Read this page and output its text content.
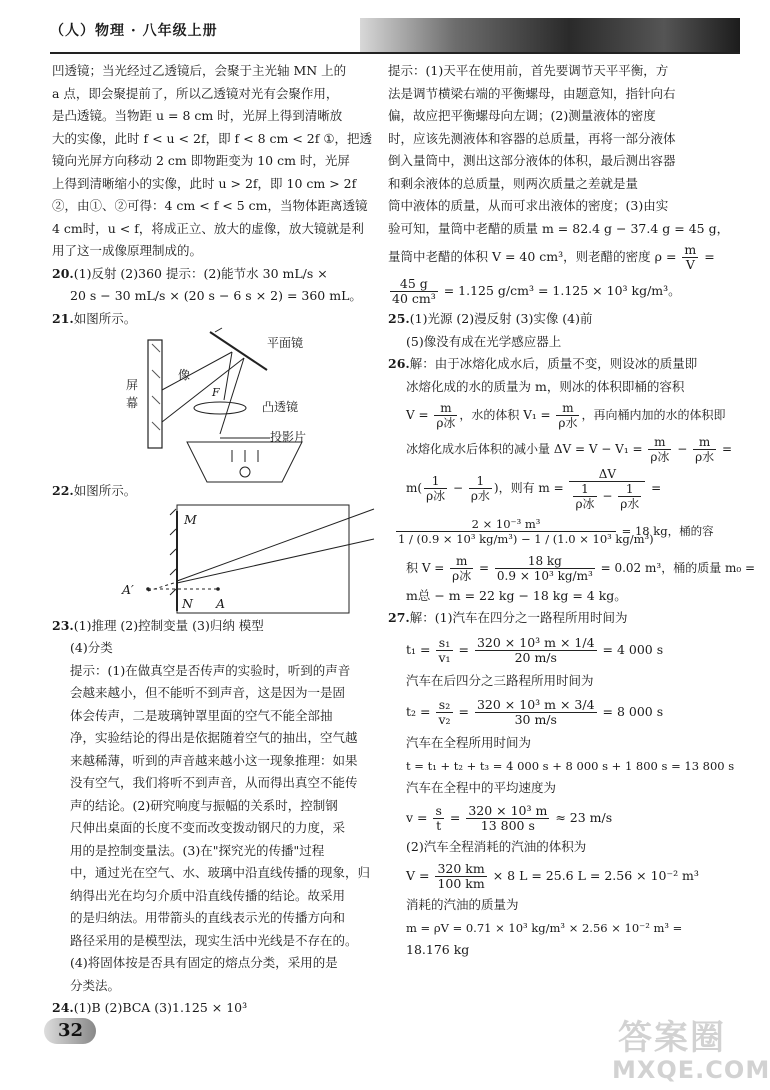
（人）物理 · 八年级上册

凹透镜；当光经过乙透镜后，会聚于主光轴 MN 上的

a 点，即会聚提前了，所以乙透镜对光有会聚作用，

是凸透镜。当物距 u = 8 cm 时，光屏上得到清晰放

大的实像，此时 f < u < 2f，即 f < 8 cm < 2f ①，把透

镜向光屏方向移动 2 cm 即物距变为 10 cm 时，光屏

上得到清晰缩小的实像，此时 u > 2f，即 10 cm > 2f

②，由①、②可得：4 cm < f < 5 cm，当物体距离透镜

4 cm时，u < f，将成正立、放大的虚像，放大镜就是利

用了这一成像原理制成的。

20.(1)反射 (2)360 提示：(2)能节水 30 mL/s ×

20 s − 30 mL/s × (20 s − 6 s × 2) = 360 mL。

21.如图所示。

平面镜
屏
幕
像
F
凸透镜
投影片

22.如图所示。

M
N A
A′

23.(1)推理 (2)控制变量 (3)归纳 模型

(4)分类

提示：(1)在做真空是否传声的实验时，听到的声音

会越来越小，但不能听不到声音，这是因为一是固

体会传声，二是玻璃钟罩里面的空气不能全部抽

净，实验结论的得出是依据随着空气的抽出，空气越

来越稀薄，听到的声音越来越小这一现象推理：如果

没有空气，我们将听不到声音，从而得出真空不能传

声的结论。(2)研究响度与振幅的关系时，控制钢

尺伸出桌面的长度不变而改变拨动钢尺的力度，采

用的是控制变量法。(3)在"探究光的传播"过程

中，通过光在空气、水、玻璃中沿直线传播的现象，归

纳得出光在均匀介质中沿直线传播的结论。故采用

的是归纳法。用带箭头的直线表示光的传播方向和

路径采用的是模型法，现实生活中光线是不存在的。

(4)将固体按是否具有固定的熔点分类，采用的是

分类法。

24.(1)B (2)BCA (3)1.125 × 10³

提示：(1)天平在使用前，首先要调节天平平衡，方

法是调节横梁右端的平衡螺母，由题意知，指针向右

偏，故应把平衡螺母向左调；(2)测量液体的密度

时，应该先测液体和容器的总质量，再将一部分液体

倒入量筒中，测出这部分液体的体积，最后测出容器

和剩余液体的总质量，则两次质量之差就是量

筒中液体的质量，从而可求出液体的密度；(3)由实

验可知，量筒中老醋的质量 m = 82.4 g − 37.4 g = 45 g，

量筒中老醋的体积 V = 40 cm³，则老醋的密度 $\rho = \frac{m}{V}$ =

$\frac{45 g}{\text{40 cm³}} = 1.125$ g/cm³ = 1.125 × 10³ kg/m³。

25.(1)光源 (2)漫反射 (3)实像 (4)前

(5)像没有成在光学感应器上

26.解：由于冰熔化成水后，质量不变，则设冰的质量即

冰熔化成的水的质量为 m，则冰的体积即桶的容积

$V = \frac{m}{\text{ρ冰}}$ ，水的体积 $V_1 = \frac{m}{\text{ρ水}}$ ，再向桶内加的水的体积即

冰熔化成水后体积的减小量 $\Delta V = V - V_1 = \frac{m}{\text{ρ冰}} - \frac{m}{\text{ρ水}}$ =

$m( \frac{1}{\text{ρ冰}} - \frac{1}{\text{ρ水}}$ )，则有 $m = \frac{\Delta V}{\frac{1}{\text{ρ冰}} - \frac{1}{\text{ρ水}}}$ =

$\frac{\text{2 × 10⁻³ m³}}{\text{1 / (0.9 × 10³ kg/m³) − 1 / (1.0 × 10³ kg/m³)}} = 18$ kg，桶的容

积 $V = \frac{m}{\text{ρ冰}} = \frac{18 kg}{\text{0.9 × 10³ kg/m³}} = 0.02$ m³，桶的质量 m₀ =

m总 − m = 22 kg − 18 kg = 4 kg。

27.解：(1)汽车在四分之一路程所用时间为

$t_1 = \frac{\text{s₁}}{\text{v₁}} = \frac{\text{320 × 10³ m × 1/4}}{20 m/s} = 4$ 000 s

汽车在后四分之三路程所用时间为

$t_2 = \frac{\text{s₂}}{\text{v₂}} = \frac{\text{320 × 10³ m × 3/4}}{30 m/s} = 8$ 000 s

汽车在全程所用时间为

t = t₁ + t₂ + t₃ = 4 000 s + 8 000 s + 1 800 s = 13 800 s

汽车在全程中的平均速度为

$v = \frac{s}{t} = \frac{\text{320 × 10³ m}}{13 800 s} \approx 23$ m/s

(2)汽车全程消耗的汽油的体积为

$V = \frac{320 km}{100 km} \times 8$ L = 25.6 L = 2.56 × 10⁻² m³

消耗的汽油的质量为

m = ρV = 0.71 × 10³ kg/m³ × 2.56 × 10⁻² m³ =

18.176 kg

32	答案圈
MXQE.COM
